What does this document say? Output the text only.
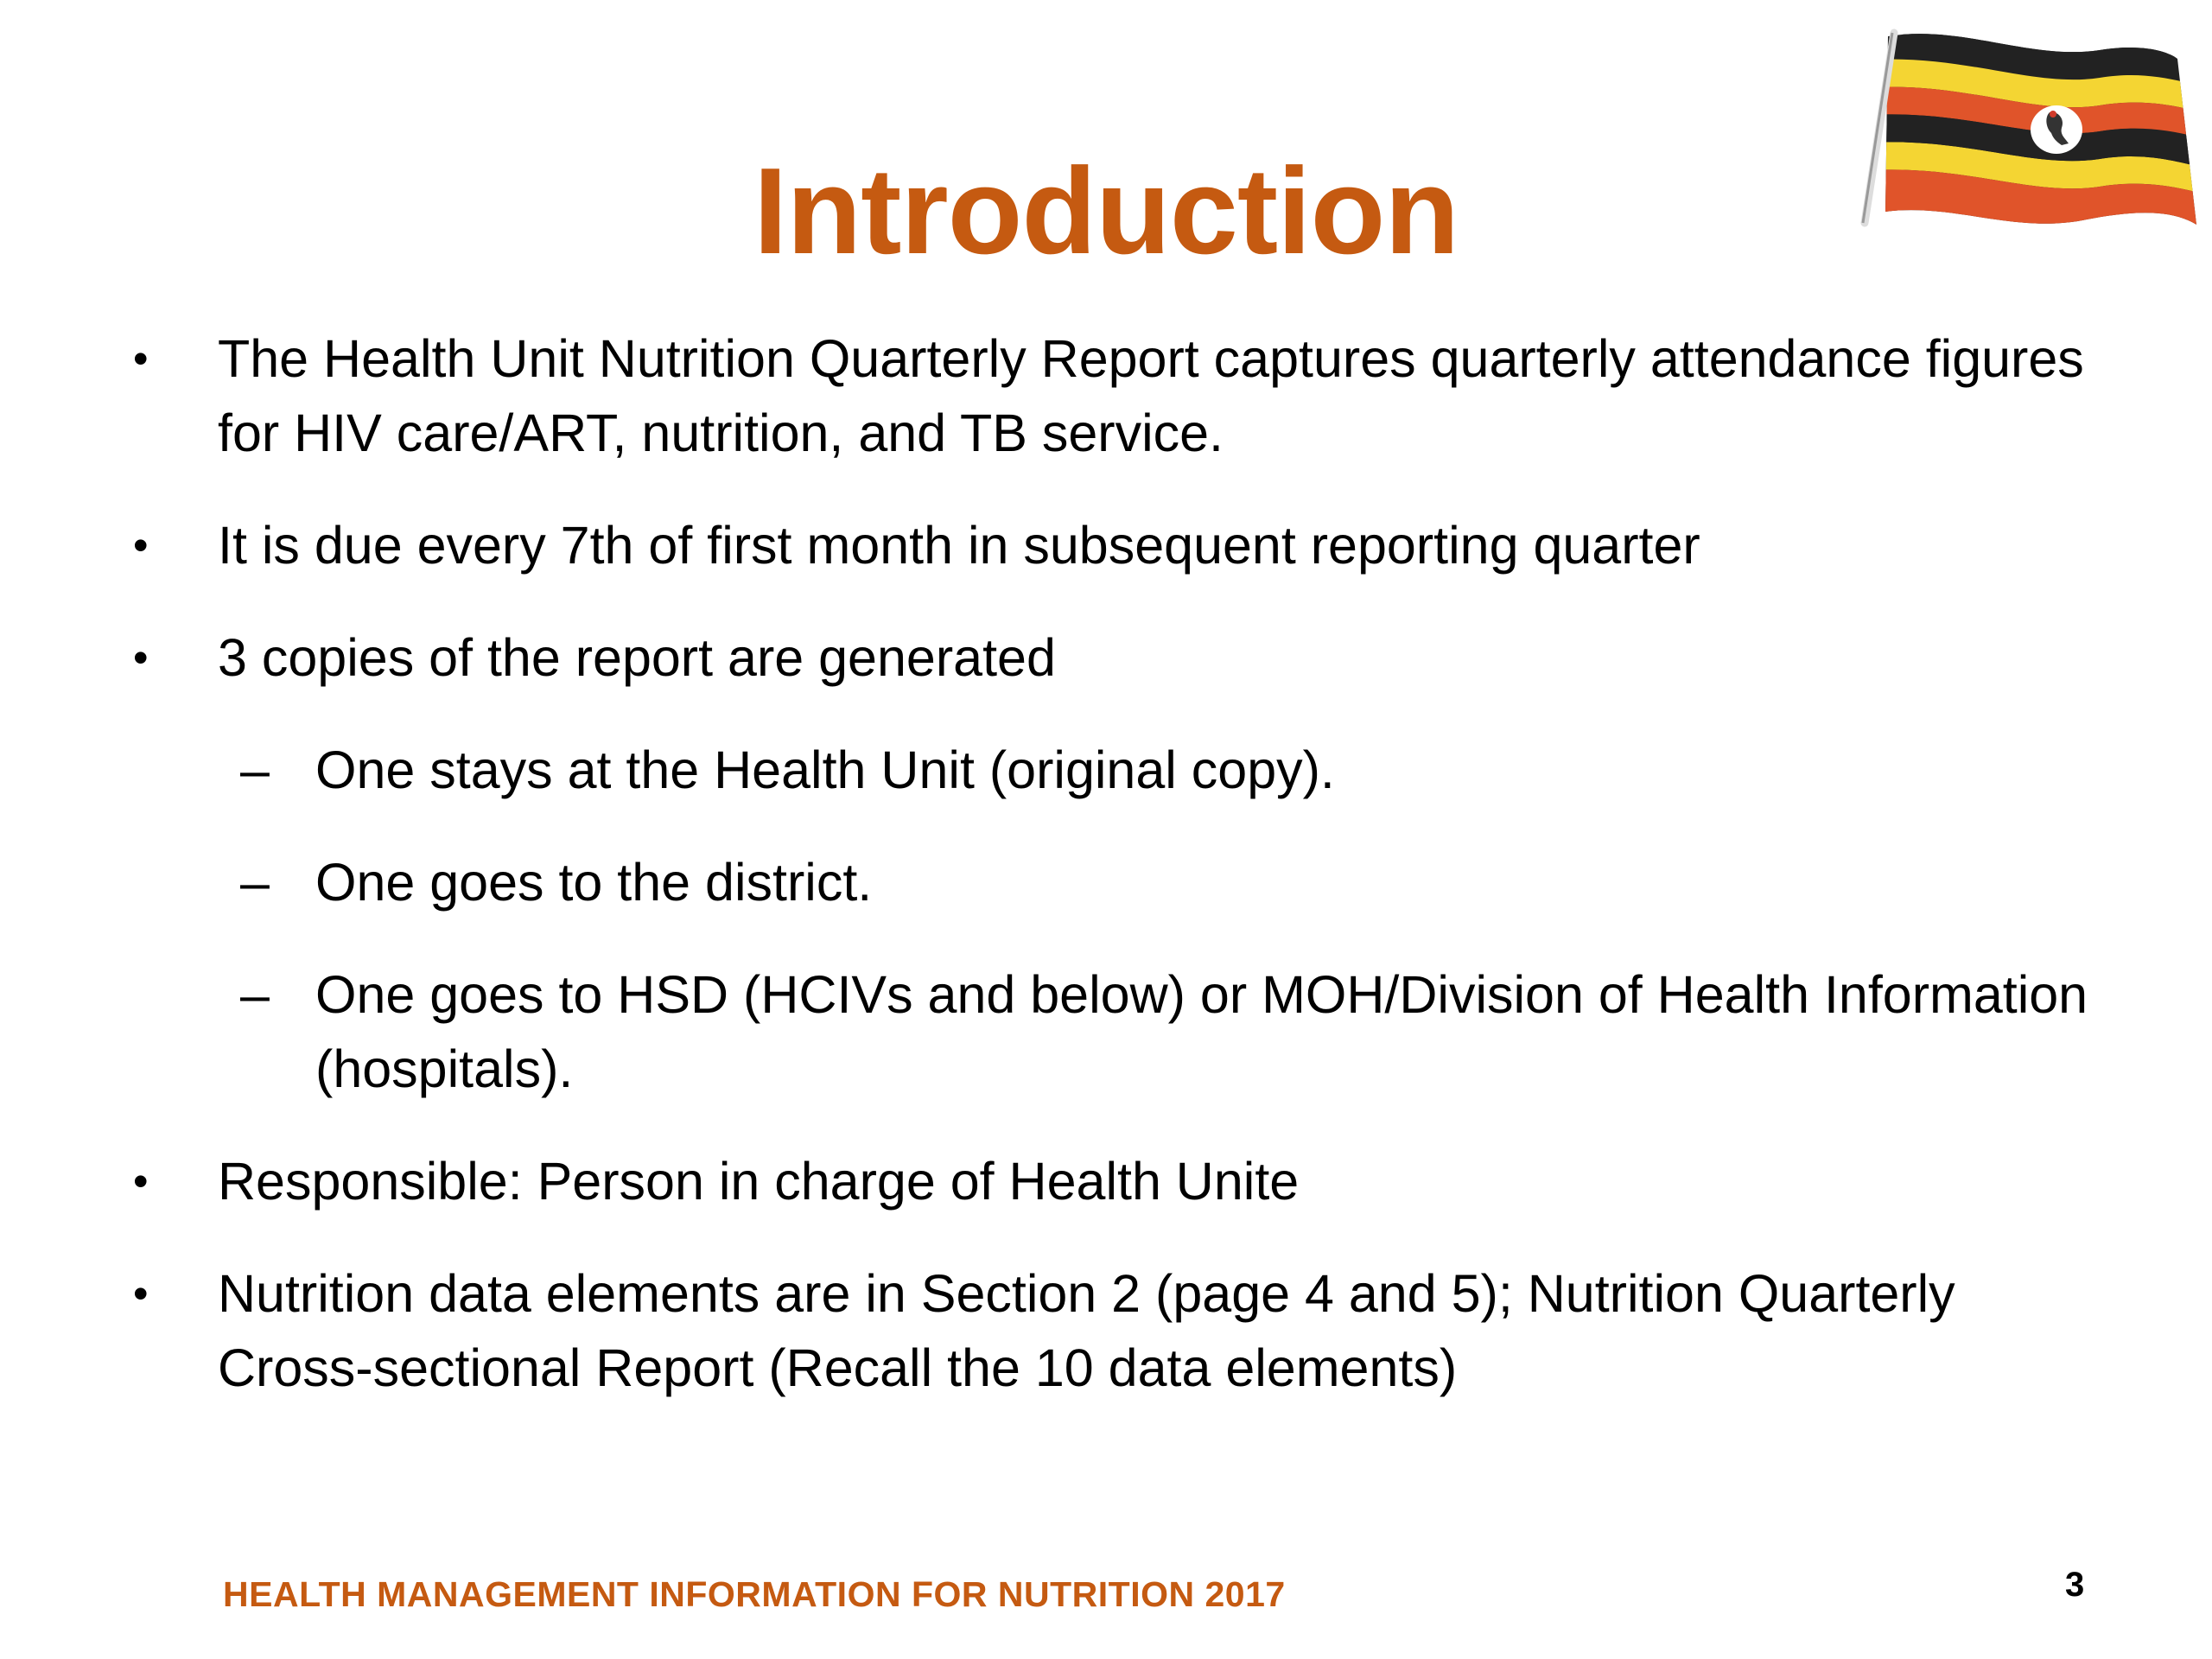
Introduction
• The Health Unit Nutrition Quarterly Report captures quarterly attendance figures for HIV care/ART, nutrition, and TB service.
• It is due every 7th of first month in subsequent reporting quarter
• 3 copies of the report are generated
– One stays at the Health Unit (original copy).
– One goes to the district.
– One goes to HSD (HCIVs and below) or MOH/Division of Health Information (hospitals).
• Responsible: Person in charge of Health Unite
• Nutrition data elements are in Section 2 (page 4 and 5); Nutrition Quarterly Cross-sectional Report (Recall the 10 data elements)
HEALTH MANAGEMENT INFORMATION FOR NUTRITION 2017	3
